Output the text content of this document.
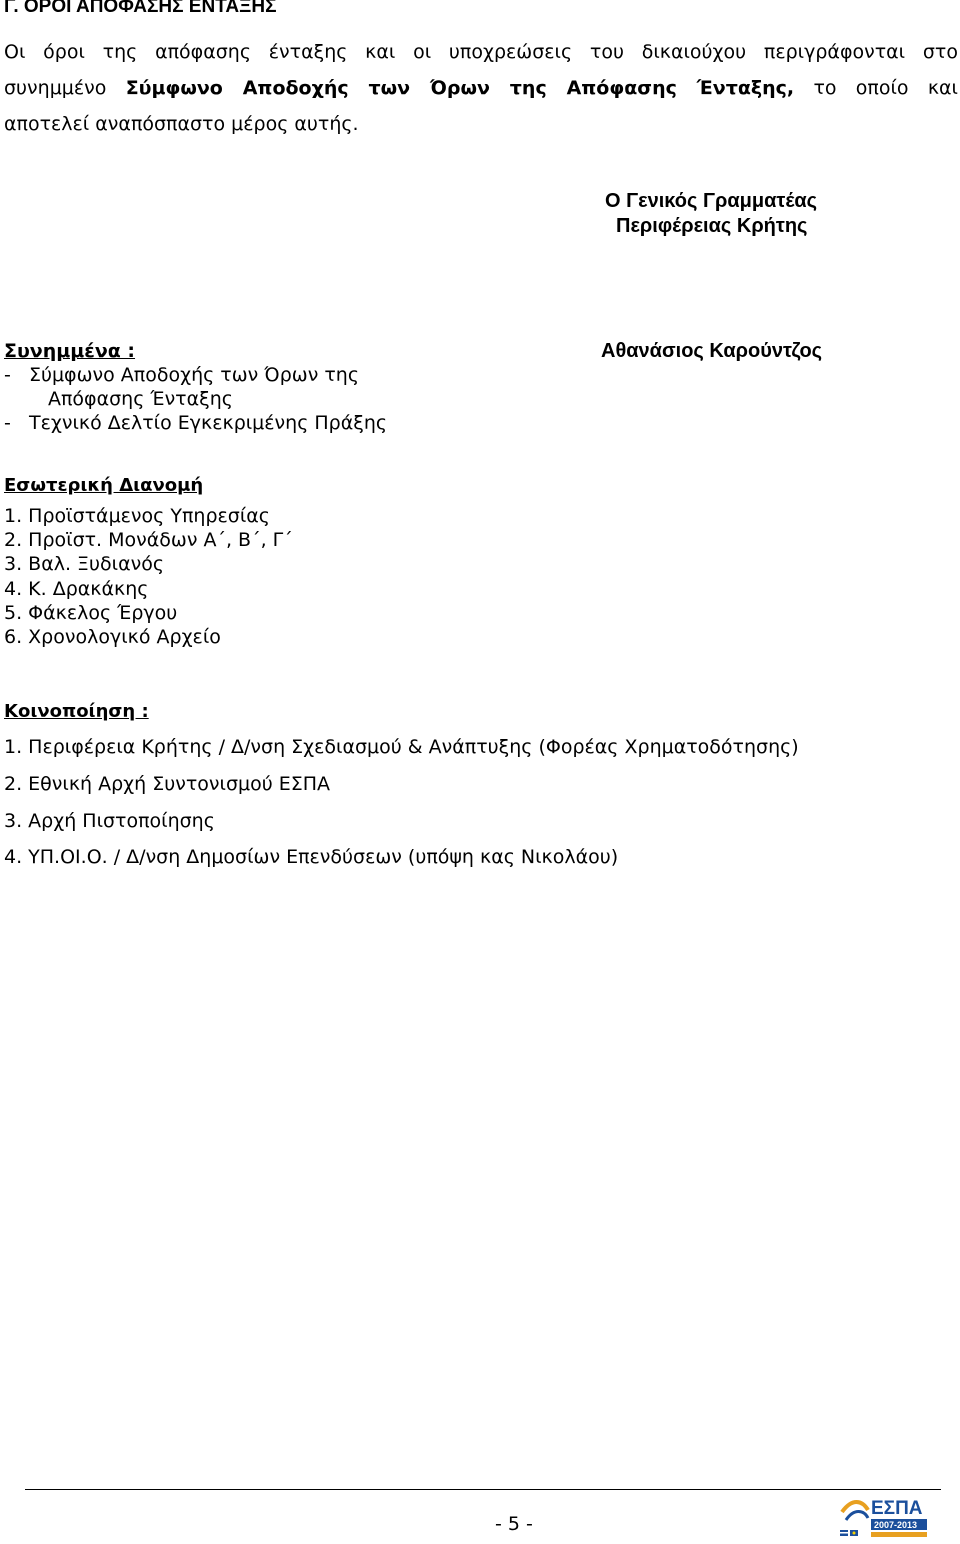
Γ. ΟΡΟΙ ΑΠΟΦΑΣΗΣ ΕΝΤΑΞΗΣ
Οι όροι της απόφασης ένταξης και οι υποχρεώσεις του δικαιούχου περιγράφονται στο
συνημμένο Σύμφωνο Αποδοχής των Όρων της Απόφασης Ένταξης, το οποίο και
αποτελεί αναπόσπαστο μέρος αυτής.
Ο Γενικός Γραμματέας
Περιφέρειας Κρήτης
Συνημμένα :
-   Σύμφωνο Αποδοχής των Όρων της
Απόφασης Ένταξης
-   Τεχνικό Δελτίο Εγκεκριμένης Πράξης
Αθανάσιος Καρούντζος
Εσωτερική Διανομή
1. Προϊστάμενος Υπηρεσίας
2. Προϊστ. Μονάδων Α΄, Β΄, Γ΄
3. Βαλ. Ξυδιανός
4. Κ. Δρακάκης
5. Φάκελος Έργου
6. Χρονολογικό Αρχείο
Κοινοποίηση :
1. Περιφέρεια Κρήτης / Δ/νση Σχεδιασμού & Ανάπτυξης (Φορέας Χρηματοδότησης)
2. Εθνική Αρχή Συντονισμού ΕΣΠΑ
3. Αρχή Πιστοποίησης
4. ΥΠ.ΟΙ.Ο. / Δ/νση Δημοσίων Επενδύσεων (υπόψη κας Νικολάου)
- 5 -
ΕΣΠΑ
2007-2013
